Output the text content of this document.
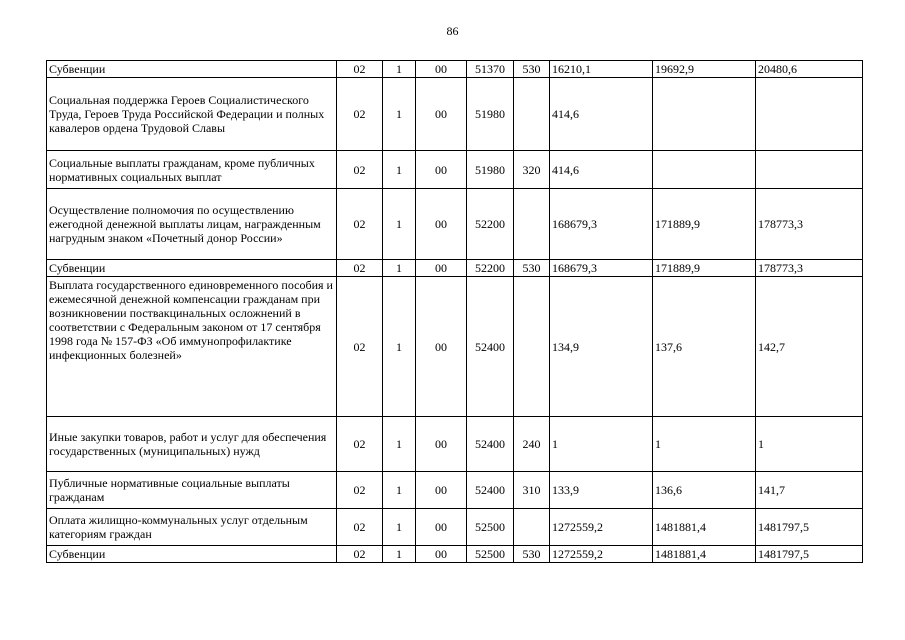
86
Субвенции	02	1	00	51370	530	16210,1	19692,9	20480,6
Социальная поддержка Героев Социалистического Труда, Героев Труда Российской Федерации и полных кавалеров ордена Трудовой Славы	02	1	00	51980		414,6		
Социальные выплаты гражданам, кроме публичных нормативных социальных выплат	02	1	00	51980	320	414,6		
Осуществление полномочия по осуществлению ежегодной денежной выплаты лицам, награжденным нагрудным знаком «Почетный донор России»	02	1	00	52200		168679,3	171889,9	178773,3
Субвенции	02	1	00	52200	530	168679,3	171889,9	178773,3
Выплата государственного единовременного пособия и ежемесячной денежной компенсации гражданам при возникновении поствакцинальных осложнений в соответствии с Федеральным законом от 17 сентября 1998 года № 157-ФЗ «Об иммунопрофилактике инфекционных болезней»	02	1	00	52400		134,9	137,6	142,7
Иные закупки товаров, работ и услуг для обеспечения государственных (муниципальных) нужд	02	1	00	52400	240	1	1	1
Публичные нормативные социальные выплаты гражданам	02	1	00	52400	310	133,9	136,6	141,7
Оплата жилищно-коммунальных услуг отдельным категориям граждан	02	1	00	52500		1272559,2	1481881,4	1481797,5
Субвенции	02	1	00	52500	530	1272559,2	1481881,4	1481797,5
